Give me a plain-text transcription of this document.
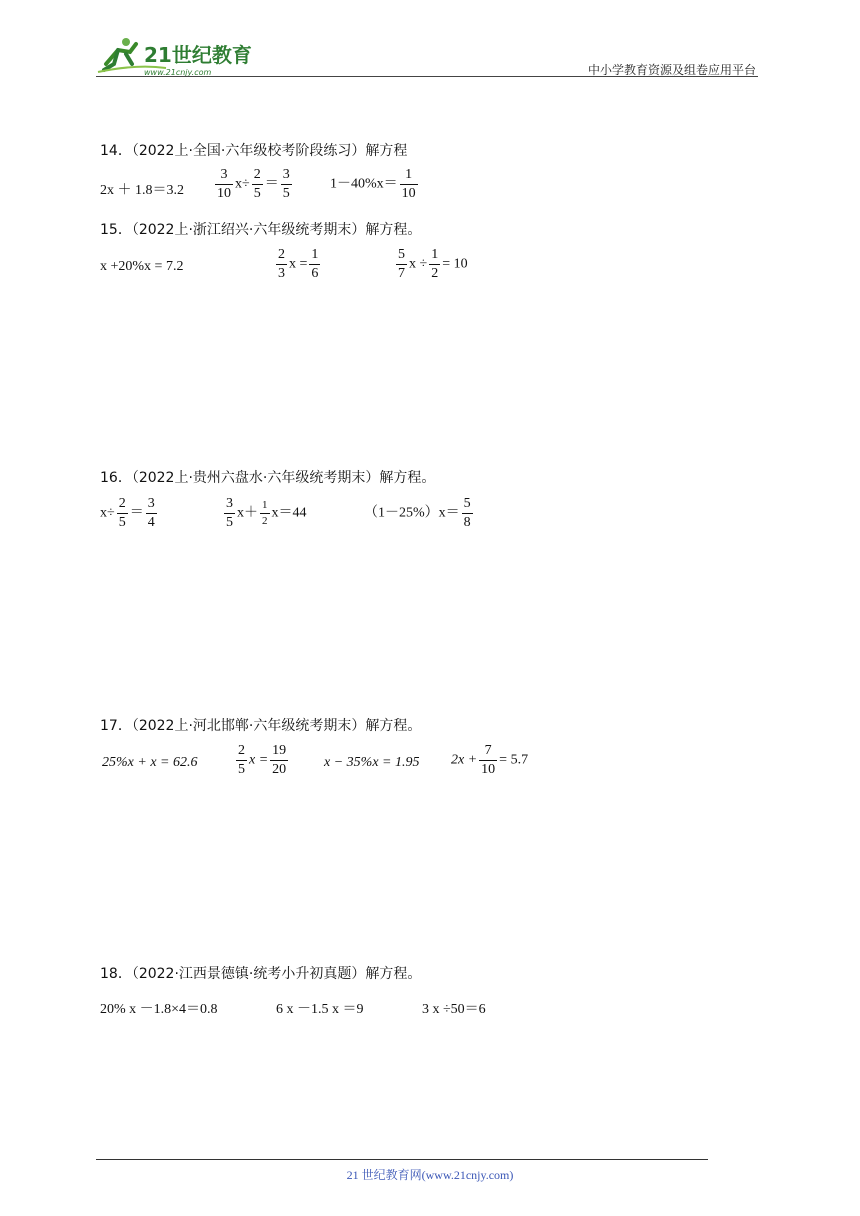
21世纪教育
www.21cnjy.com	中小学教育资源及组卷应用平台
14．（2022上·全国·六年级校考阶段练习）解方程
$2x + 1.8=3.2 \frac{3}{10} x\div \frac{2}{5} = \frac{3}{5}$	$1-40\%x= \frac{1}{10}$
15．（2022上·浙江绍兴·六年级统考期末）解方程。
x +20%x = 7.2	$\frac{2}{3}$ $x = \frac{1}{6}$	$\frac{5}{7}$ $x \div \frac{1}{2} = 10$
16．（2022上·贵州六盘水·六年级统考期末）解方程。
$x\div \frac{2}{5} = \frac{3}{4}$	$\frac{3}{5} x+ \frac{1}{2} x=44$	$(1-25\%)x= \frac{5}{8}$
17．（2022上·河北邯郸·六年级统考期末）解方程。
25%x + x = 62.6	$\frac{2}{5}$ $x = \frac{19}{20}$	x − 35%x = 1.95 $2x + \frac{7}{10} = 5.7$
18．（2022·江西景德镇·统考小升初真题）解方程。
20% x －1.8×4＝0.8	6 x －1.5 x ＝9	3 x ÷50＝6
21 世纪教育网(www.21cnjy.com)
